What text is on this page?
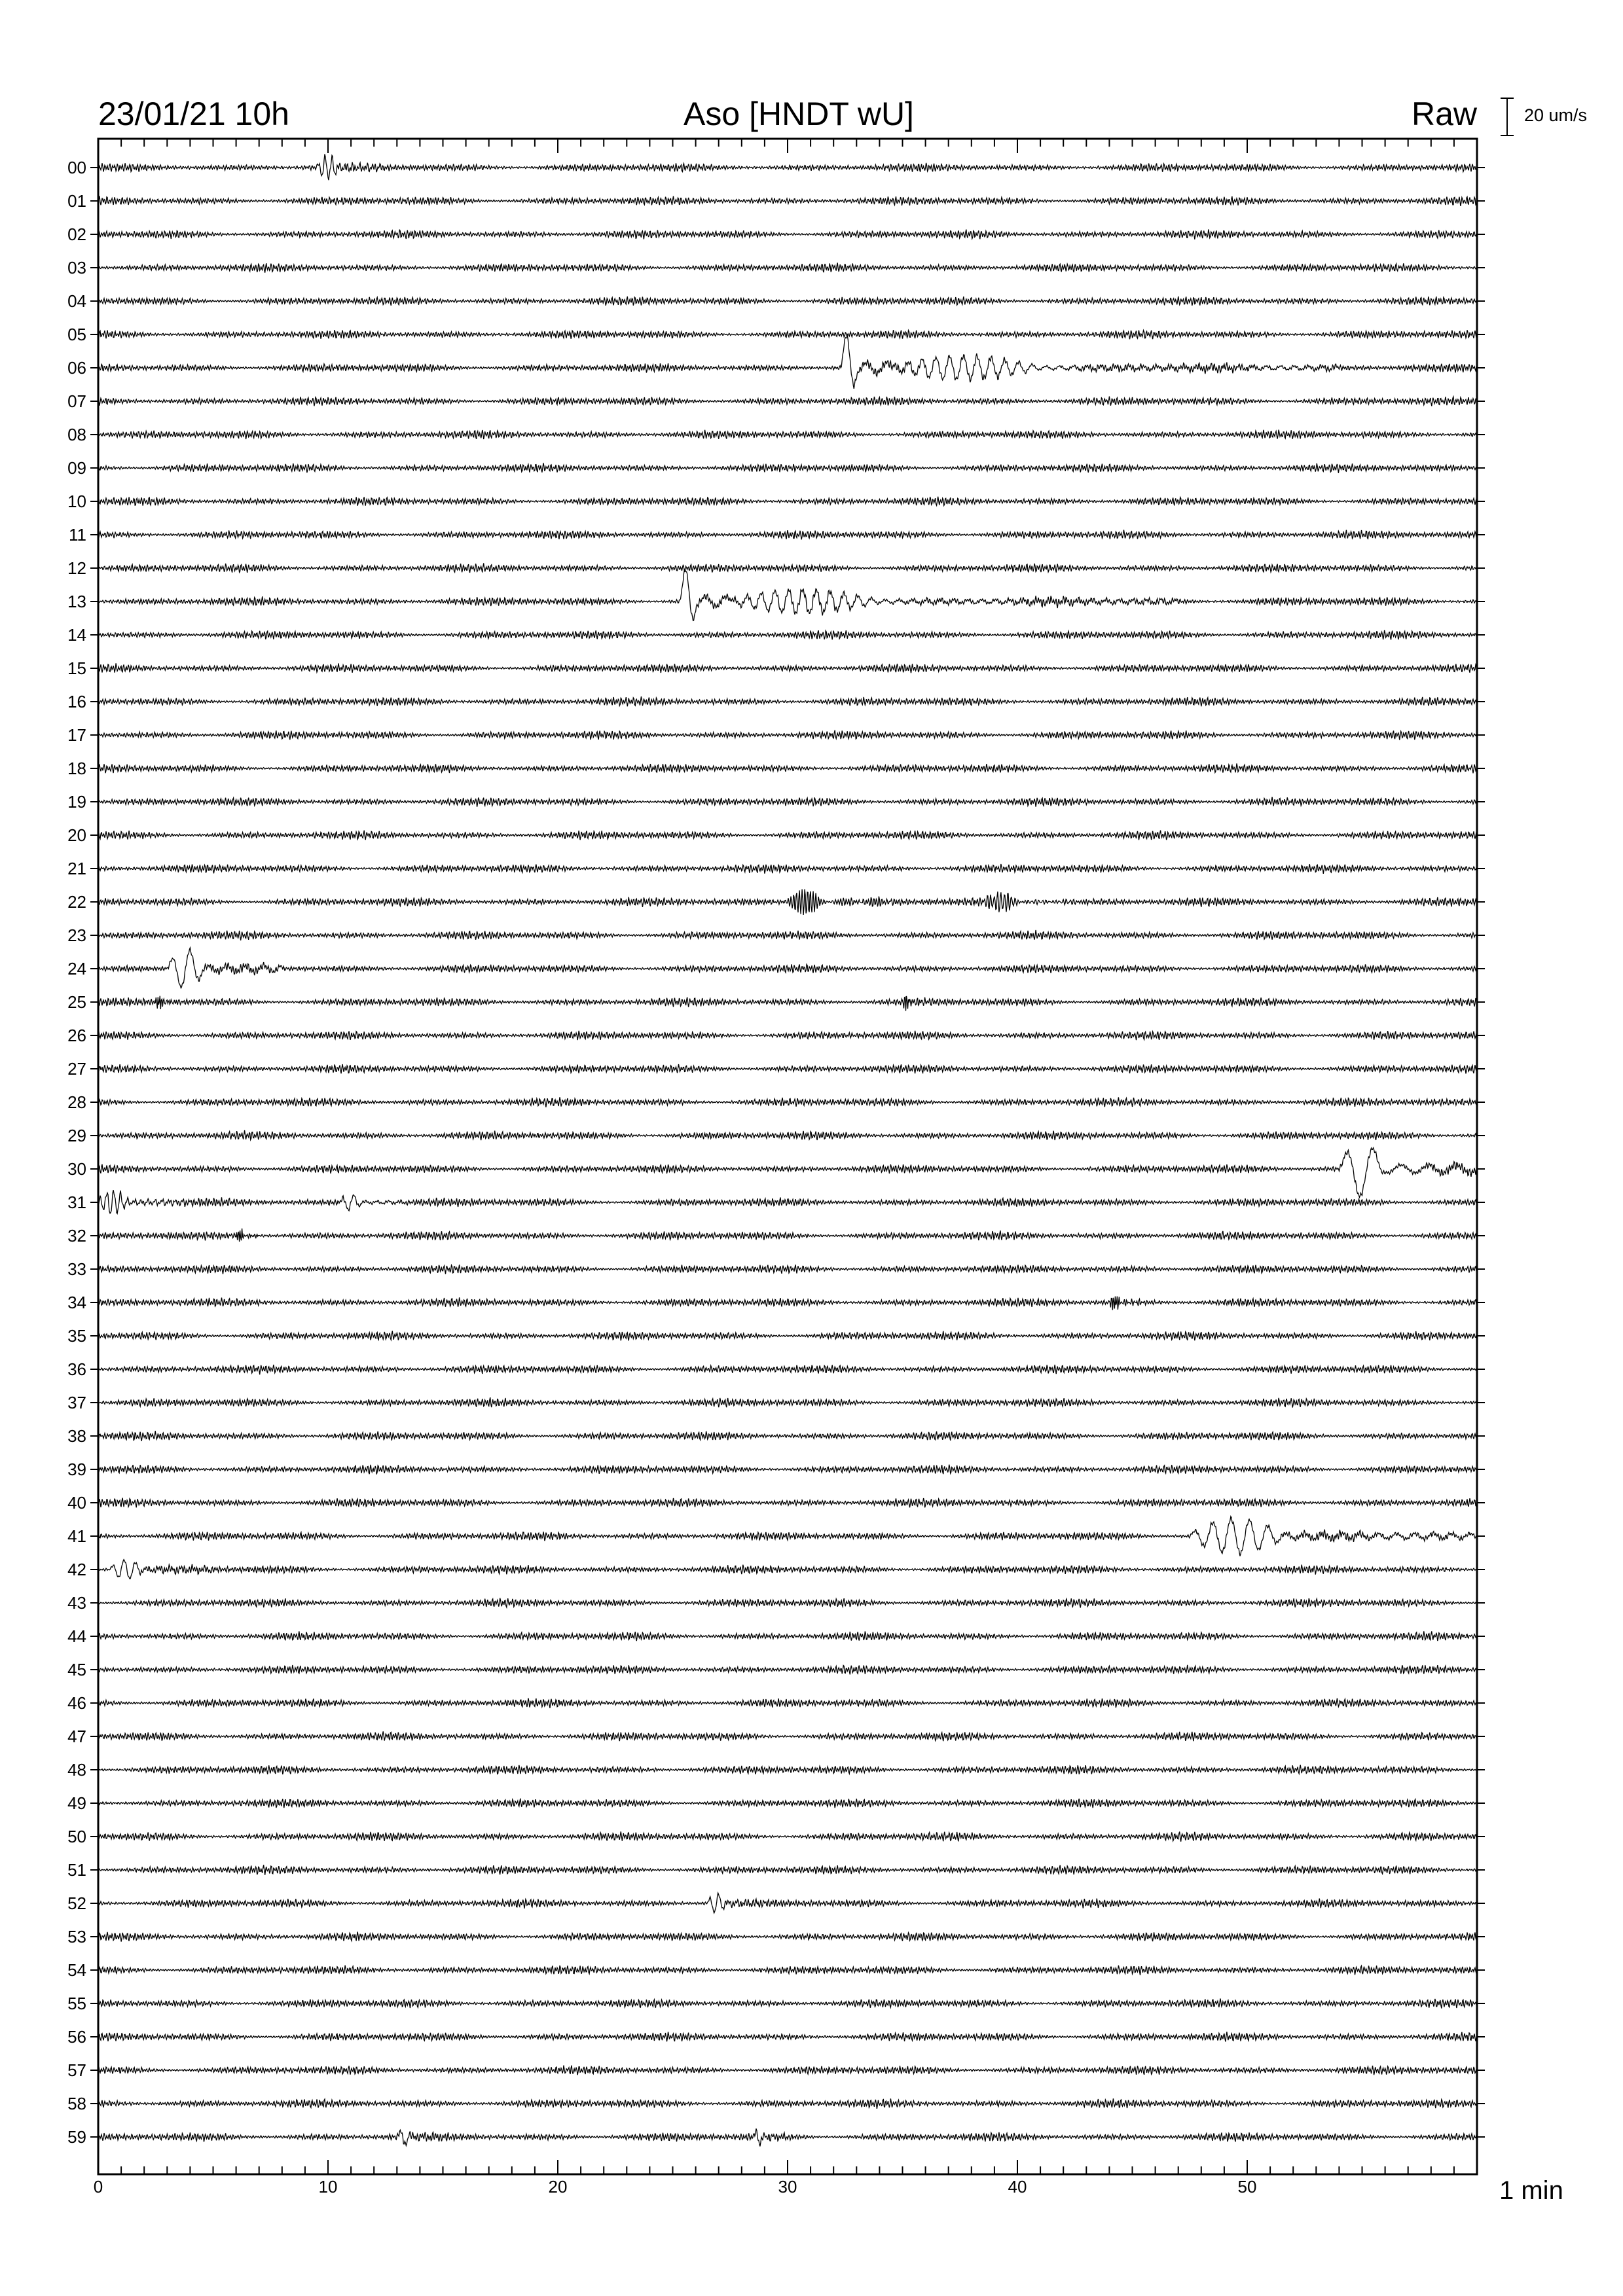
23/01/21 10h	Aso [HNDT wU]	Raw	20 um/s
00
01
02
03
04
05
06
07
08
09
10
11
12
13
14
15
16
17
18
19
20
21
22
23
24
25
26
27
28
29
30
31
32
33
34
35
36
37
38
39
40
41
42
43
44
45
46
47
48
49
50
51
52
53
54
55
56
57
58
59
0	10	20	30	40	50	1 min
